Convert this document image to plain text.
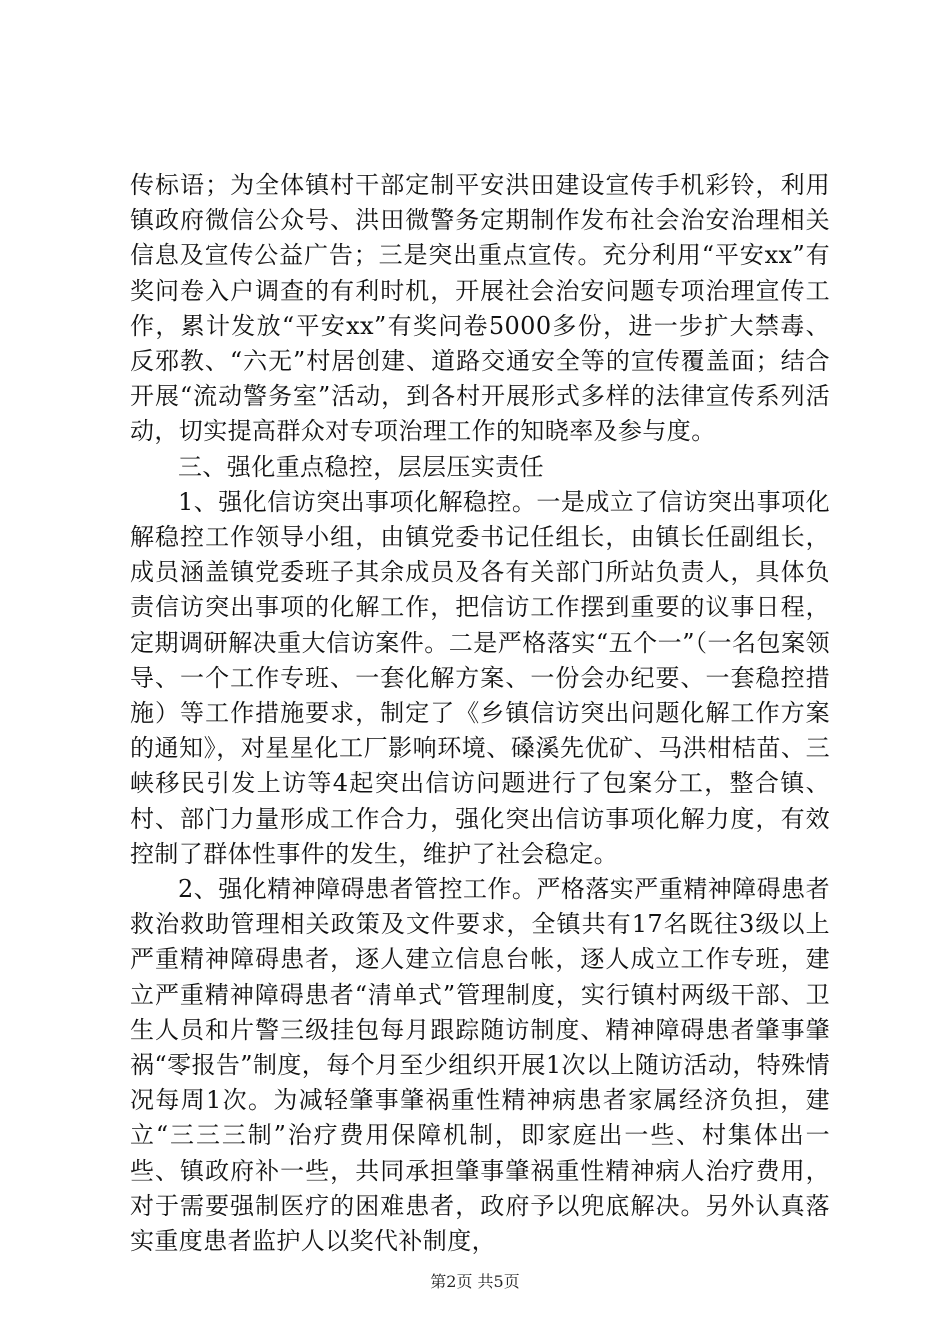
传标语；为全体镇村干部定制平安洪田建设宣传手机彩铃，利用镇政府微信公众号、洪田微警务定期制作发布社会治安治理相关信息及宣传公益广告；三是突出重点宣传。充分利用“平安xx”有奖问卷入户调查的有利时机，开展社会治安问题专项治理宣传工作，累计发放“平安xx”有奖问卷5000多份，进一步扩大禁毒、反邪教、“六无”村居创建、道路交通安全等的宣传覆盖面；结合开展“流动警务室”活动，到各村开展形式多样的法律宣传系列活动，切实提高群众对专项治理工作的知晓率及参与度。

三、强化重点稳控，层层压实责任

1、强化信访突出事项化解稳控。一是成立了信访突出事项化解稳控工作领导小组，由镇党委书记任组长，由镇长任副组长，成员涵盖镇党委班子其余成员及各有关部门所站负责人，具体负责信访突出事项的化解工作，把信访工作摆到重要的议事日程，定期调研解决重大信访案件。二是严格落实“五个一”（一名包案领导、一个工作专班、一套化解方案、一份会办纪要、一套稳控措施）等工作措施要求，制定了《乡镇信访突出问题化解工作方案的通知》，对星星化工厂影响环境、磉溪先优矿、马洪柑桔苗、三峡移民引发上访等4起突出信访问题进行了包案分工，整合镇、村、部门力量形成工作合力，强化突出信访事项化解力度，有效控制了群体性事件的发生，维护了社会稳定。

2、强化精神障碍患者管控工作。严格落实严重精神障碍患者救治救助管理相关政策及文件要求，全镇共有17名既往3级以上严重精神障碍患者，逐人建立信息台帐，逐人成立工作专班，建立严重精神障碍患者“清单式”管理制度，实行镇村两级干部、卫生人员和片警三级挂包每月跟踪随访制度、精神障碍患者肇事肇祸“零报告”制度，每个月至少组织开展1次以上随访活动，特殊情况每周1次。为减轻肇事肇祸重性精神病患者家属经济负担，建立“三三三制”治疗费用保障机制，即家庭出一些、村集体出一些、镇政府补一些，共同承担肇事肇祸重性精神病人治疗费用，对于需要强制医疗的困难患者，政府予以兜底解决。另外认真落实重度患者监护人以奖代补制度，

第2页 共5页
